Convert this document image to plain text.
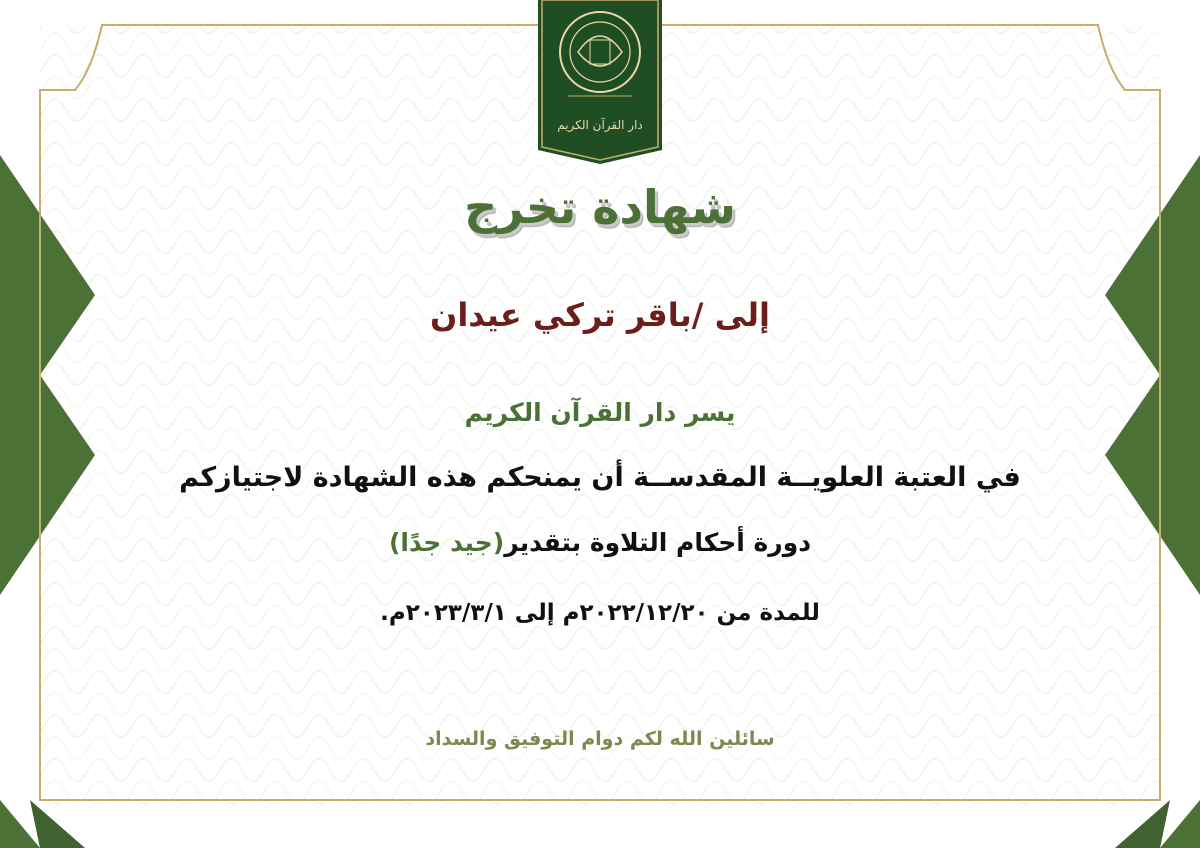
دار القرآن الكريم
شهادة تخرج
إلى /باقر تركي عيدان
يسر دار القرآن الكريم
في العتبة العلويــة المقدســة أن يمنحكم هذه الشهادة لاجتيازكم
دورة أحكام التلاوة بتقدير(جيد جدًا)
للمدة من ٢٠٢٢/١٢/٢٠م إلى ٢٠٢٣/٣/١م.
سائلين الله لكم دوام التوفيق والسداد
